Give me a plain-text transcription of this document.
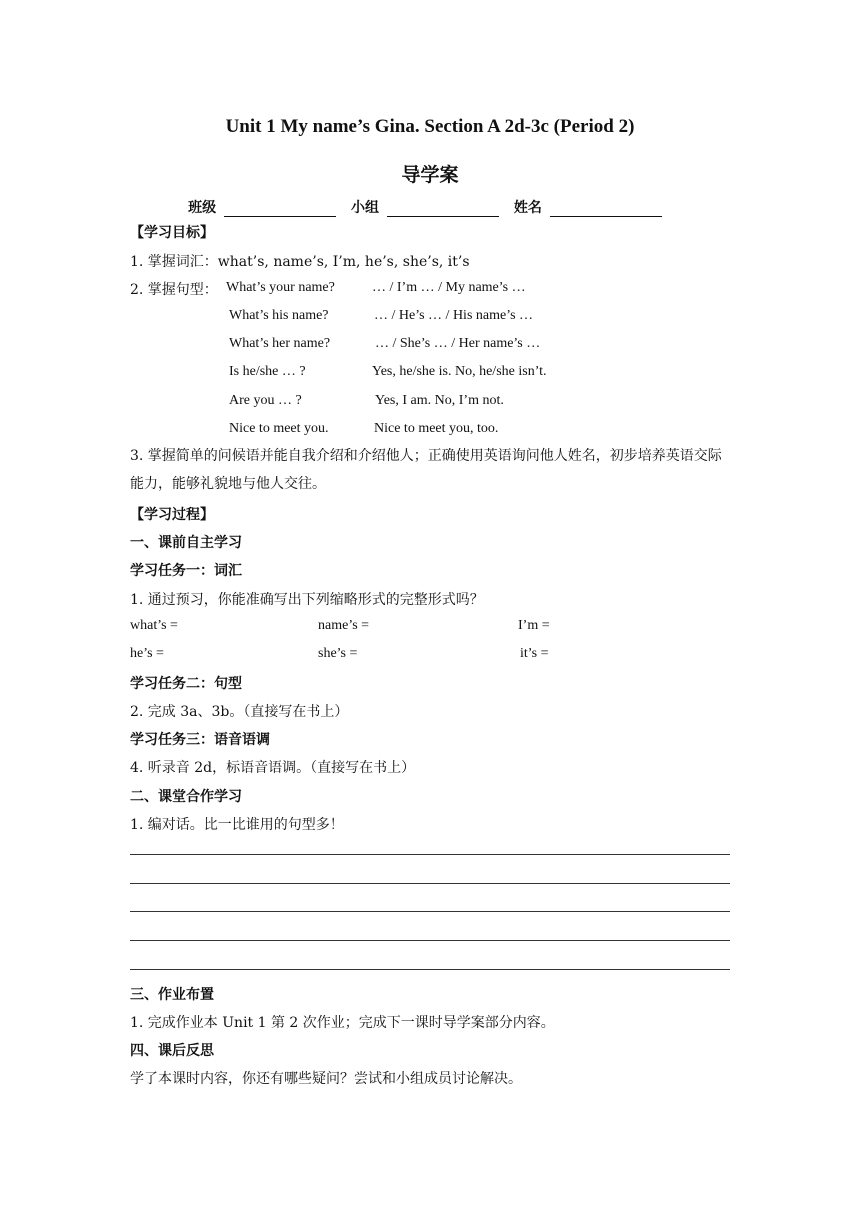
Unit 1 My name’s Gina. Section A 2d-3c (Period 2)
导学案
班级	小组	姓名
【学习目标】
1. 掌握词汇：what’s, name’s, I’m, he’s, she’s, it’s
2. 掌握句型： What’s your name?	… / I’m … / My name’s …
What’s his name?	… / He’s … / His name’s …
What’s her name?	… / She’s … / Her name’s …
Is he/she … ?	Yes, he/she is. No, he/she isn’t.
Are you … ?	Yes, I am. No, I’m not.
Nice to meet you.	Nice to meet you, too.
3. 掌握简单的问候语并能自我介绍和介绍他人；正确使用英语询问他人姓名，初步培养英语交际能力，能够礼貌地与他人交往。
【学习过程】
一、课前自主学习
学习任务一：词汇
1. 通过预习，你能准确写出下列缩略形式的完整形式吗？
what’s =	name’s =	I’m =
he’s =	she’s =	it’s =
学习任务二：句型
2. 完成 3a、3b。（直接写在书上）
学习任务三：语音语调
4. 听录音 2d，标语音语调。（直接写在书上）
二、课堂合作学习
1. 编对话。比一比谁用的句型多！
三、作业布置
1. 完成作业本 Unit 1 第 2 次作业；完成下一课时导学案部分内容。
四、课后反思
学了本课时内容，你还有哪些疑问？尝试和小组成员讨论解决。
